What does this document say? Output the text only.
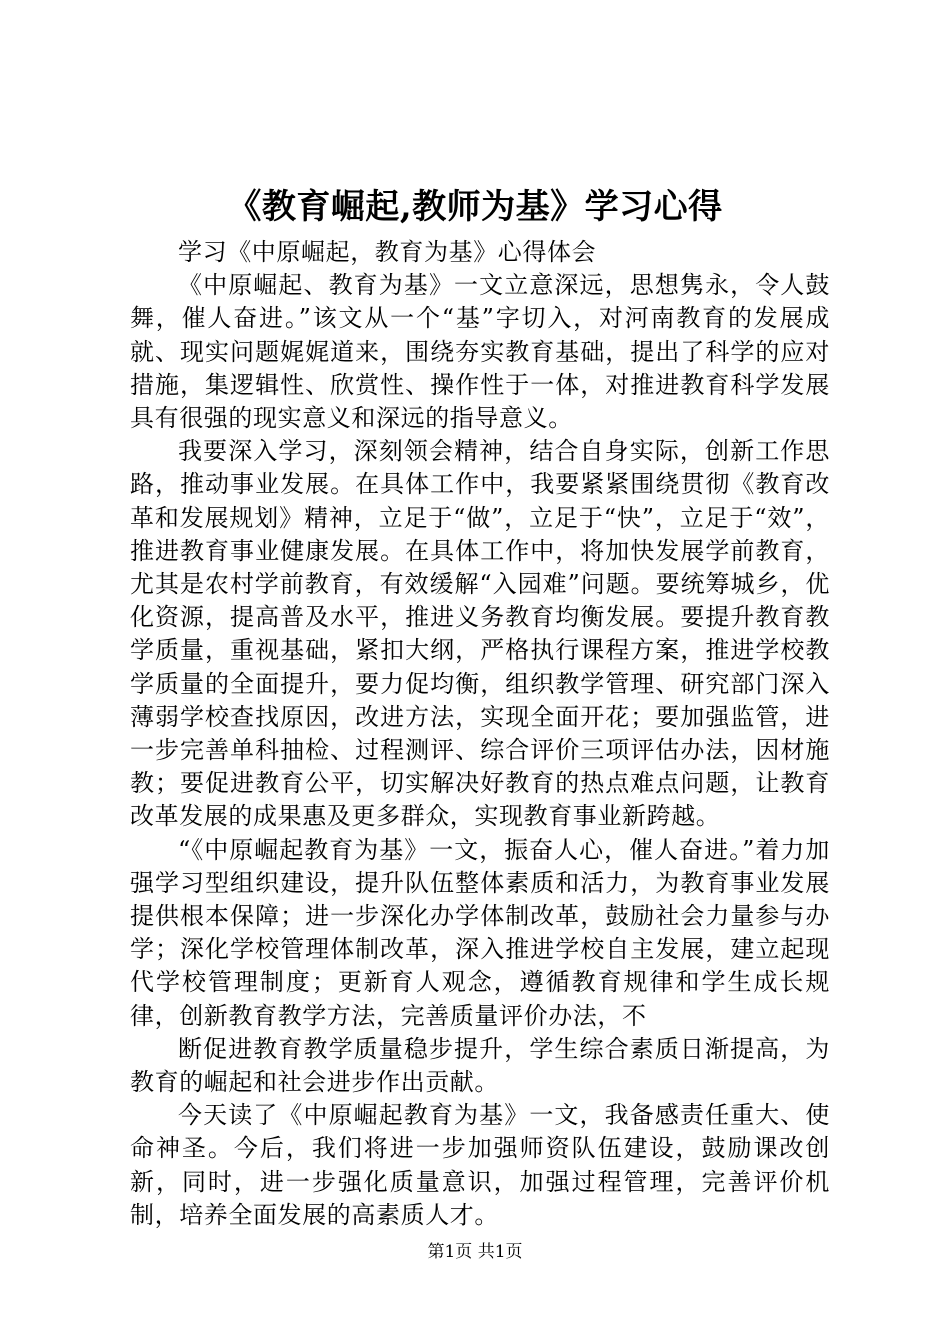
《教育崛起,教师为基》学习心得

学习《中原崛起，教育为基》心得体会

《中原崛起、教育为基》一文立意深远，思想隽永，令人鼓舞，催人奋进。”该文从一个“基”字切入，对河南教育的发展成就、现实问题娓娓道来，围绕夯实教育基础，提出了科学的应对措施，集逻辑性、欣赏性、操作性于一体，对推进教育科学发展具有很强的现实意义和深远的指导意义。

我要深入学习，深刻领会精神，结合自身实际，创新工作思路，推动事业发展。在具体工作中，我要紧紧围绕贯彻《教育改革和发展规划》精神，立足于“做”，立足于“快”，立足于“效”，推进教育事业健康发展。在具体工作中，将加快发展学前教育，尤其是农村学前教育，有效缓解“入园难”问题。要统筹城乡，优化资源，提高普及水平，推进义务教育均衡发展。要提升教育教学质量，重视基础，紧扣大纲，严格执行课程方案，推进学校教学质量的全面提升，要力促均衡，组织教学管理、研究部门深入薄弱学校查找原因，改进方法，实现全面开花；要加强监管，进一步完善单科抽检、过程测评、综合评价三项评估办法，因材施教；要促进教育公平，切实解决好教育的热点难点问题，让教育改革发展的成果惠及更多群众，实现教育事业新跨越。

“《中原崛起教育为基》一文，振奋人心，催人奋进。”着力加强学习型组织建设，提升队伍整体素质和活力，为教育事业发展提供根本保障；进一步深化办学体制改革，鼓励社会力量参与办学；深化学校管理体制改革，深入推进学校自主发展，建立起现代学校管理制度；更新育人观念，遵循教育规律和学生成长规律，创新教育教学方法，完善质量评价办法，不

断促进教育教学质量稳步提升，学生综合素质日渐提高，为教育的崛起和社会进步作出贡献。

今天读了《中原崛起教育为基》一文，我备感责任重大、使命神圣。今后，我们将进一步加强师资队伍建设，鼓励课改创新，同时，进一步强化质量意识，加强过程管理，完善评价机制，培养全面发展的高素质人才。

第1页 共1页
